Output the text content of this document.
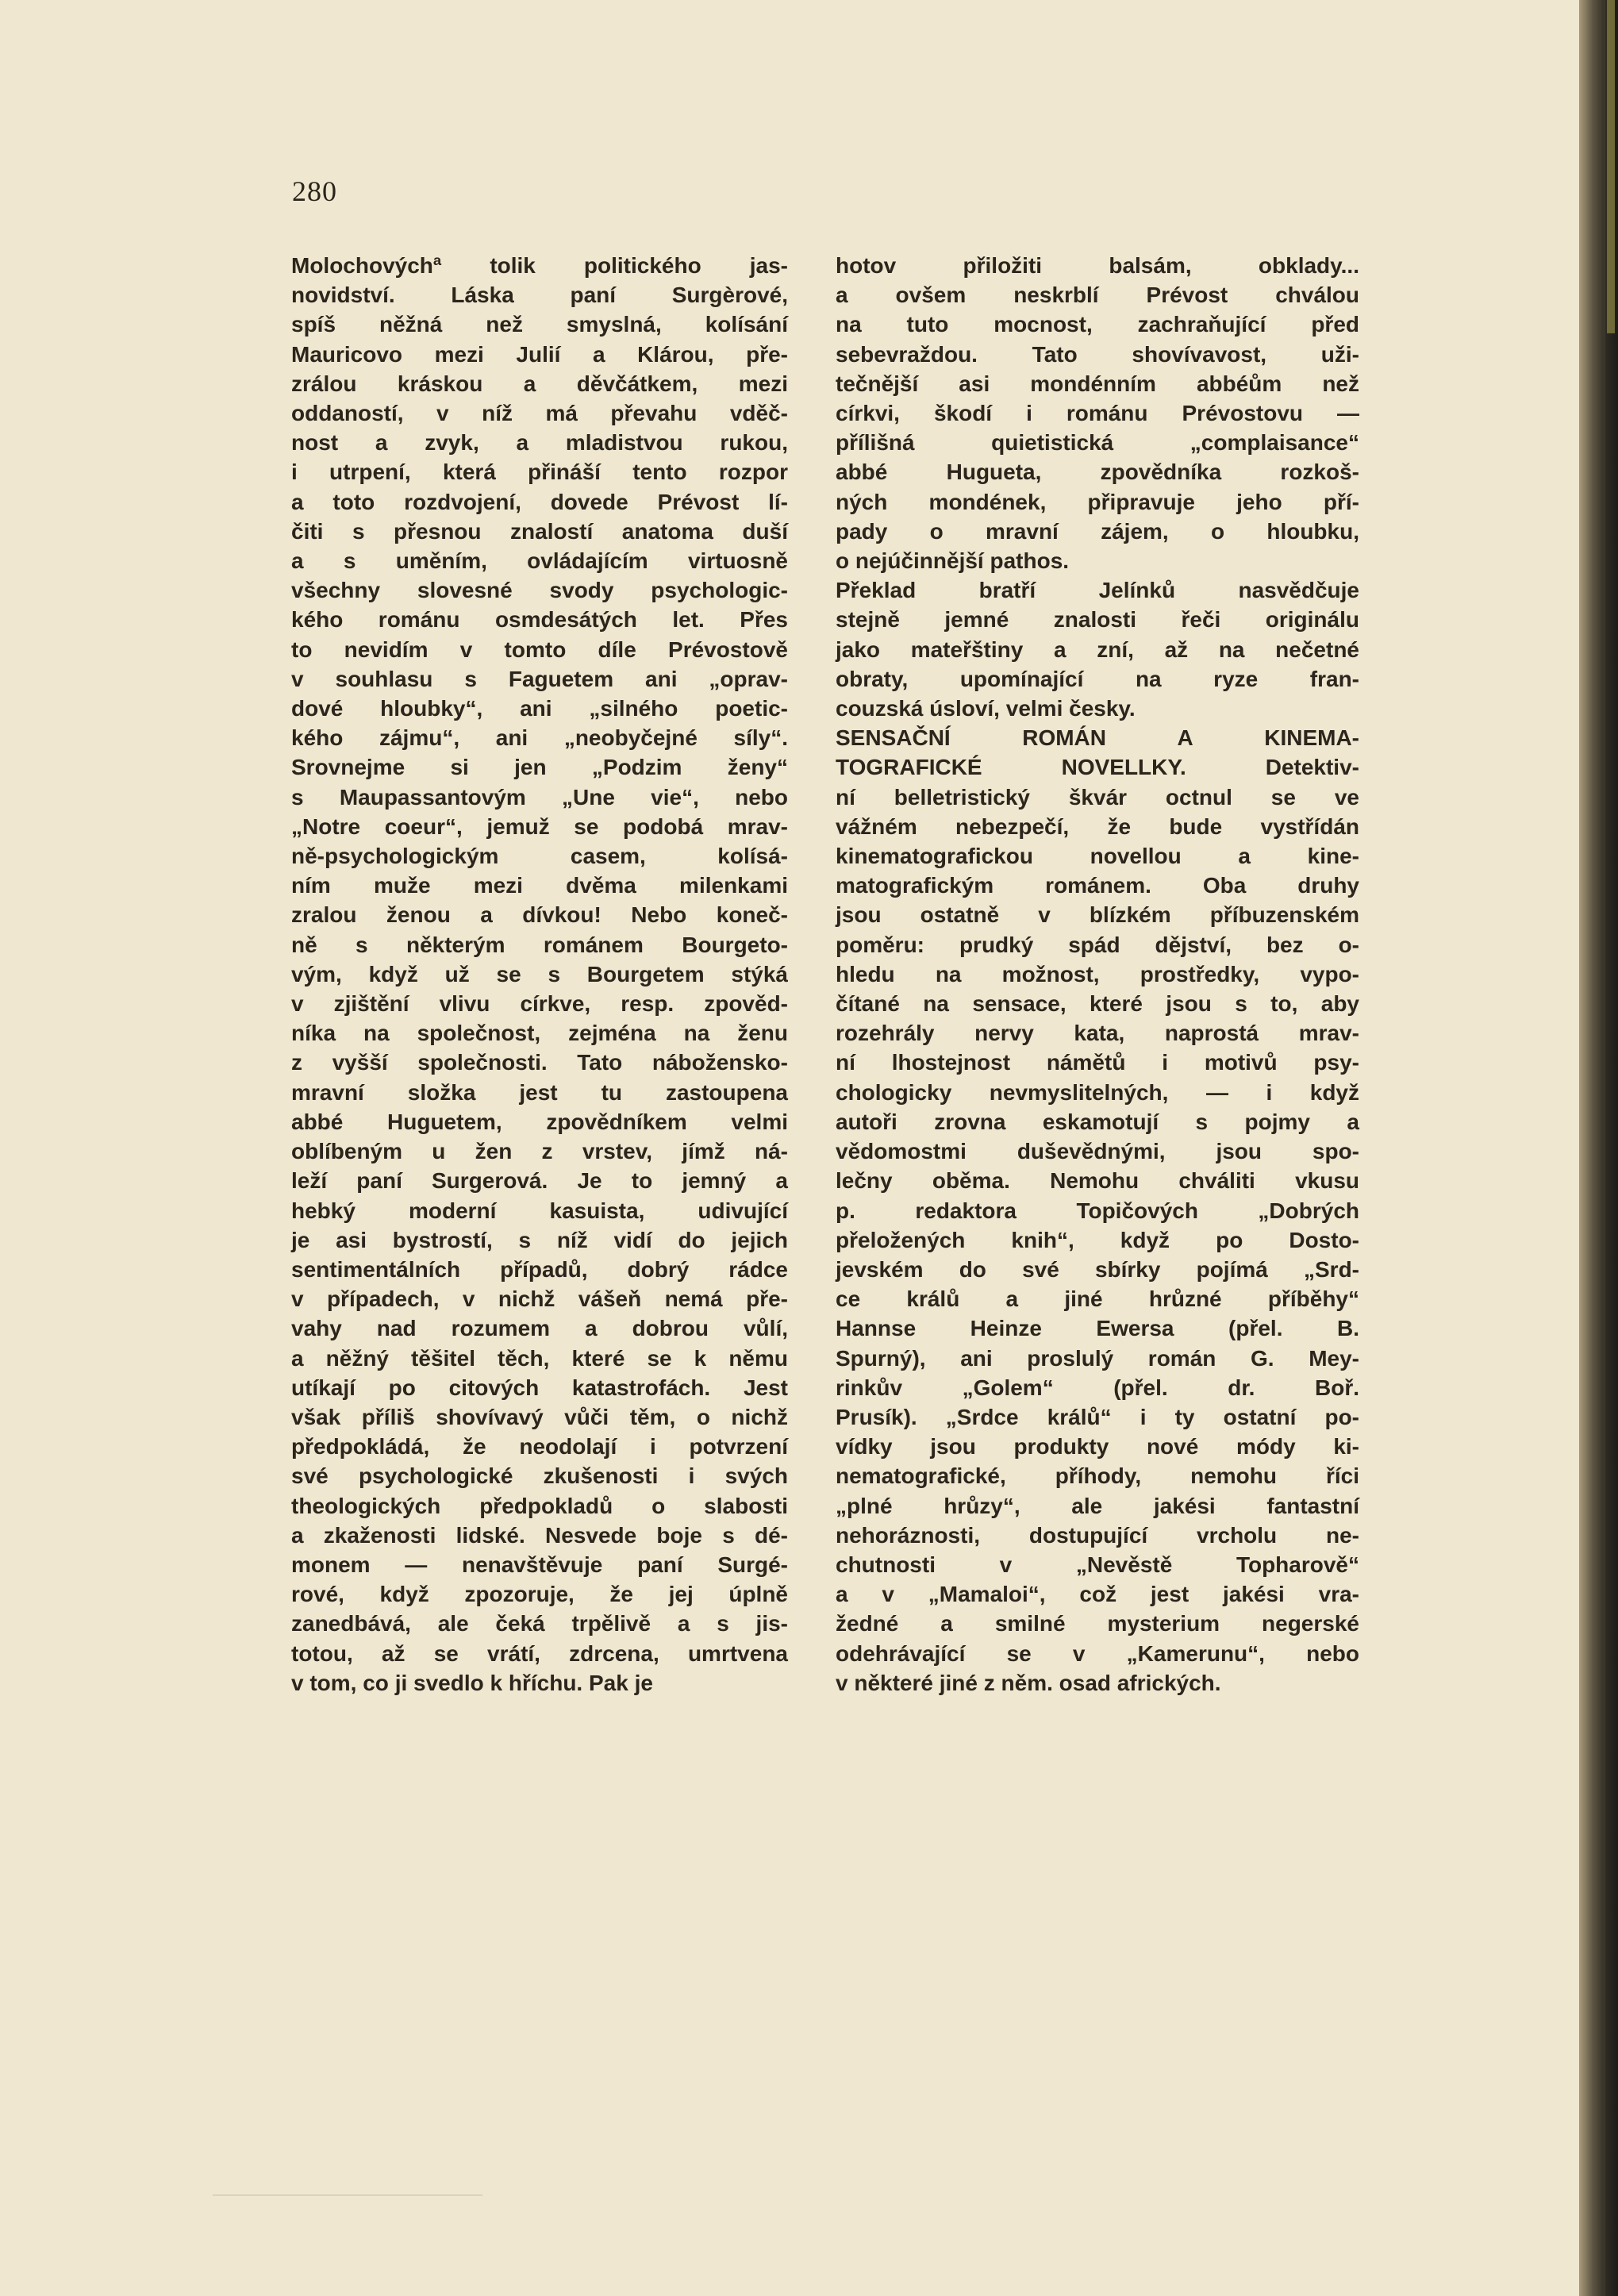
280
Molochovýchª tolik politického jas-
novidství. Láska paní Surgèrové,
spíš něžná než smyslná, kolísání
Mauricovo mezi Julií a Klárou, pře-
zrálou kráskou a děvčátkem, mezi
oddaností, v níž má převahu vděč-
nost a zvyk, a mladistvou rukou,
i utrpení, která přináší tento rozpor
a toto rozdvojení, dovede Prévost lí-
čiti s přesnou znalostí anatoma duší
a s uměním, ovládajícím virtuosně
všechny slovesné svody psychologic-
kého románu osmdesátých let. Přes
to nevidím v tomto díle Prévostově
v souhlasu s Faguetem ani „oprav-
dové hloubky“, ani „silného poetic-
kého zájmu“, ani „neobyčejné síly“.
Srovnejme si jen „Podzim ženy“
s Maupassantovým „Une vie“, nebo
„Notre coeur“, jemuž se podobá mrav-
ně-psychologickým casem, kolísá-
ním muže mezi dvěma milenkami
zralou ženou a dívkou! Nebo koneč-
ně s některým románem Bourgeto-
vým, když už se s Bourgetem stýká
v zjištění vlivu církve, resp. zpověd-
níka na společnost, zejména na ženu
z vyšší společnosti. Tato nábožensko-
mravní složka jest tu zastoupena
abbé Huguetem, zpovědníkem velmi
oblíbeným u žen z vrstev, jímž ná-
leží paní Surgerová. Je to jemný a
hebký moderní kasuista, udivující
je asi bystrostí, s níž vidí do jejich
sentimentálních případů, dobrý rádce
v případech, v nichž vášeň nemá pře-
vahy nad rozumem a dobrou vůlí,
a něžný těšitel těch, které se k němu
utíkají po citových katastrofách. Jest
však příliš shovívavý vůči těm, o nichž
předpokládá, že neodolají i potvrzení
své psychologické zkušenosti i svých
theologických předpokladů o slabosti
a zkaženosti lidské. Nesvede boje s dé-
monem — nenavštěvuje paní Surgé-
rové, když zpozoruje, že jej úplně
zanedbává, ale čeká trpělivě a s jis-
totou, až se vrátí, zdrcena, umrtvena
v tom, co ji svedlo k hříchu. Pak je
hotov přiložiti balsám, obklady...
a ovšem neskrblí Prévost chválou
na tuto mocnost, zachraňující před
sebevraždou. Tato shovívavost, uži-
tečnější asi mondénním abbéům než
církvi, škodí i románu Prévostovu —
přílišná quietistická „complaisance“
abbé Hugueta, zpovědníka rozkoš-
ných mondének, připravuje jeho pří-
pady o mravní zájem, o hloubku,
o nejúčinnější pathos.
Překlad bratří Jelínků nasvědčuje
stejně jemné znalosti řeči originálu
jako mateřštiny a zní, až na nečetné
obraty, upomínající na ryze fran-
couzská úsloví, velmi česky.
SENSAČNÍ ROMÁN A KINEMA-
TOGRAFICKÉ NOVELLKY. Detektiv-
ní belletristický škvár octnul se ve
vážném nebezpečí, že bude vystřídán
kinematografickou novellou a kine-
matografickým románem. Oba druhy
jsou ostatně v blízkém příbuzenském
poměru: prudký spád dějství, bez o-
hledu na možnost, prostředky, vypo-
čítané na sensace, které jsou s to, aby
rozehrály nervy kata, naprostá mrav-
ní lhostejnost námětů i motivů psy-
chologicky nevmyslitelných, — i když
autoři zrovna eskamotují s pojmy a
vědomostmi duševědnými, jsou spo-
lečny oběma. Nemohu chváliti vkusu
p. redaktora Topičových „Dobrých
přeložených knih“, když po Dosto-
jevském do své sbírky pojímá „Srd-
ce králů a jiné hrůzné příběhy“
Hannse Heinze Ewersa (přel. B.
Spurný), ani proslulý román G. Mey-
rinkův „Golem“ (přel. dr. Boř.
Prusík). „Srdce králů“ i ty ostatní po-
vídky jsou produkty nové módy ki-
nematografické, příhody, nemohu říci
„plné hrůzy“, ale jakési fantastní
nehoráznosti, dostupující vrcholu ne-
chutnosti v „Nevěstě Topharově“
a v „Mamaloi“, což jest jakési vra-
žedné a smilné mysterium negerské
odehrávající se v „Kamerunu“, nebo
v některé jiné z něm. osad afrických.
